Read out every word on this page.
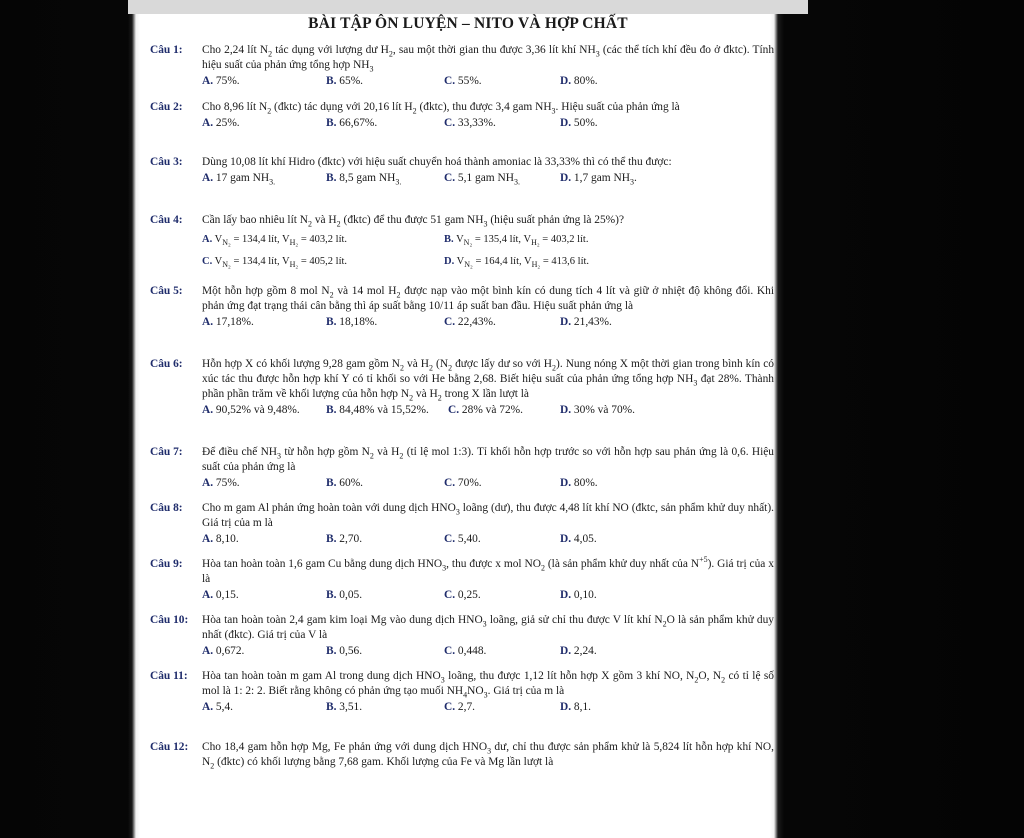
BÀI TẬP ÔN LUYỆN – NITO VÀ HỢP CHẤT
Câu 1:	Cho 2,24 lít $N_2$ tác dụng với lượng dư $H_2$, sau một thời gian thu được 3,36 lít khí $NH_3$ (các thể tích khí đều đo ở đktc). Tính hiệu suất của phản ứng tổng hợp $NH_3$
A. 75%.	B. 65%.	C. 55%.	D. 80%.
Câu 2:	Cho 8,96 lít $N_2$ (đktc) tác dụng với 20,16 lít $H_2$ (đktc), thu được 3,4 gam $NH_3$. Hiệu suất của phản ứng là
A. 25%.	B. 66,67%.	C. 33,33%.	D. 50%.
Câu 3:	Dùng 10,08 lít khí Hidro (đktc) với hiệu suất chuyển hoá thành amoniac là 33,33% thì có thể thu được:
A. 17 gam $NH_{3.}$	B. 8,5 gam $NH_{3.}$	C. 5,1 gam $NH_{3.}$	D. 1,7 gam $NH_3$.
Câu 4:	Cần lấy bao nhiêu lít $N_2$ và $H_2$ (đktc) để thu được 51 gam $NH_3$ (hiệu suất phản ứng là 25%)?
A. $V_{N_2} = 134,4$ lít, $V_{H_2} = 403,2$ lít.	B. $V_{N_2} = 135,4$ lít, $V_{H_2} = 403,2$ lít.
C. $V_{N_2} = 134,4$ lít, $V_{H_2} = 405,2$ lít.	D. $V_{N_2} = 164,4$ lít, $V_{H_2} = 413,6$ lít.
Câu 5:	Một hỗn hợp gồm 8 mol $N_2$ và 14 mol $H_2$ được nạp vào một bình kín có dung tích 4 lít và giữ ở nhiệt độ không đổi. Khi phản ứng đạt trạng thái cân bằng thì áp suất bằng 10/11 áp suất ban đầu. Hiệu suất phản ứng là
A. 17,18%.	B. 18,18%.	C. 22,43%.	D. 21,43%.
Câu 6:	Hỗn hợp X có khối lượng 9,28 gam gồm $N_2$ và $H_2$ ($N_2$ được lấy dư so với $H_2$). Nung nóng X một thời gian trong bình kín có xúc tác thu được hỗn hợp khí Y có tỉ khối so với He bằng 2,68. Biết hiệu suất của phản ứng tổng hợp $NH_3$ đạt 28%. Thành phần phần trăm về khối lượng của hỗn hợp $N_2$ và $H_2$ trong X lần lượt là
A. 90,52% và 9,48%. B. 84,48% và 15,52%. C. 28% và 72%.	D. 30% và 70%.
Câu 7:	Để điều chế $NH_3$ từ hỗn hợp gồm $N_2$ và $H_2$ (tỉ lệ mol 1:3). Tỉ khối hỗn hợp trước so với hỗn hợp sau phản ứng là 0,6. Hiệu suất của phản ứng là
A. 75%.	B. 60%.	C. 70%.	D. 80%.
Câu 8:	Cho m gam Al phản ứng hoàn toàn với dung dịch $HNO_3$ loãng (dư), thu được 4,48 lít khí NO (đktc, sản phẩm khử duy nhất). Giá trị của m là
A. 8,10.	B. 2,70.	C. 5,40.	D. 4,05.
Câu 9:	Hòa tan hoàn toàn 1,6 gam Cu bằng dung dịch $HNO_3$, thu được x mol $NO_2$ (là sản phẩm khử duy nhất của $N^{+5}$). Giá trị của x là
A. 0,15.	B. 0,05.	C. 0,25.	D. 0,10.
Câu 10:	Hòa tan hoàn toàn 2,4 gam kim loại Mg vào dung dịch $HNO_3$ loãng, giả sử chỉ thu được V lít khí $N_2O$ là sản phẩm khử duy nhất (đktc). Giá trị của V là
A. 0,672.	B. 0,56.	C. 0,448.	D. 2,24.
Câu 11:	Hòa tan hoàn toàn m gam Al trong dung dịch $HNO_3$ loãng, thu được 1,12 lít hỗn hợp X gồm 3 khí NO, $N_2O$, $N_2$ có tỉ lệ số mol là 1: 2: 2. Biết rằng không có phản ứng tạo muối $NH_4NO_3$. Giá trị của m là
A. 5,4.	B. 3,51.	C. 2,7.	D. 8,1.
Câu 12:	Cho 18,4 gam hỗn hợp Mg, Fe phản ứng với dung dịch $HNO_3$ dư, chỉ thu được sản phẩm khử là 5,824 lít hỗn hợp khí NO, $N_2$ (đktc) có khối lượng bằng 7,68 gam. Khối lượng của Fe và Mg lần lượt là
